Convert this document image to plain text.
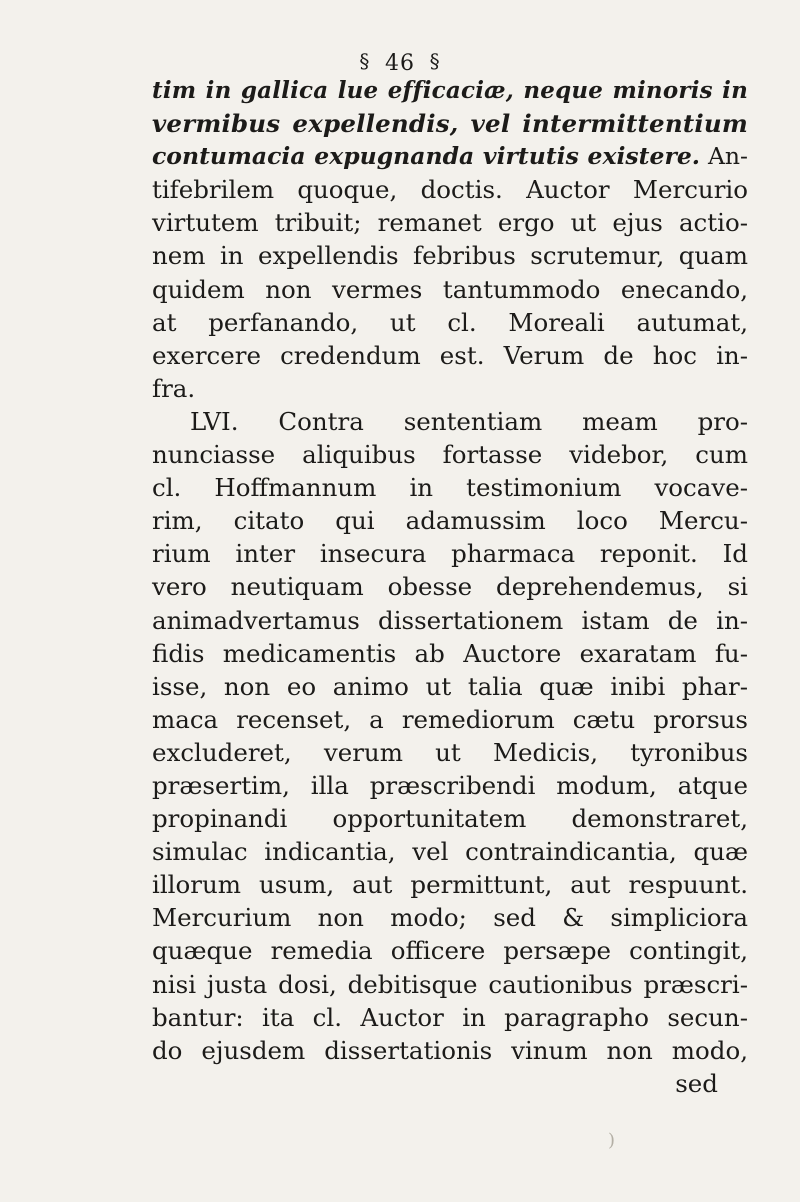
§ 46 §
tim in gallica lue efficaciæ, neque minoris in
vermibus expellendis, vel intermittentium
contumacia expugnanda virtutis existere. An-
tifebrilem quoque, doctis. Auctor Mercurio
virtutem tribuit; remanet ergo ut ejus actio-
nem in expellendis febribus scrutemur, quam
quidem non vermes tantummodo enecando,
at perfanando, ut cl. Moreali autumat,
exercere credendum est. Verum de hoc in-
fra.
LVI. Contra sententiam meam pro-
nunciasse aliquibus fortasse videbor, cum
cl. Hoffmannum in testimonium vocave-
rim, citato qui adamussim loco Mercu-
rium inter insecura pharmaca reponit. Id
vero neutiquam obesse deprehendemus, si
animadvertamus dissertationem istam de in-
fidis medicamentis ab Auctore exaratam fu-
isse, non eo animo ut talia quæ inibi phar-
maca recenset, a remediorum cætu prorsus
excluderet, verum ut Medicis, tyronibus
præsertim, illa præscribendi modum, atque
propinandi opportunitatem demonstraret,
simulac indicantia, vel contraindicantia, quæ
illorum usum, aut permittunt, aut respuunt.
Mercurium non modo; sed & simpliciora
quæque remedia officere persæpe contingit,
nisi justa dosi, debitisque cautionibus præscri-
bantur: ita cl. Auctor in paragrapho secun-
do ejusdem dissertationis vinum non modo,
sed
)
